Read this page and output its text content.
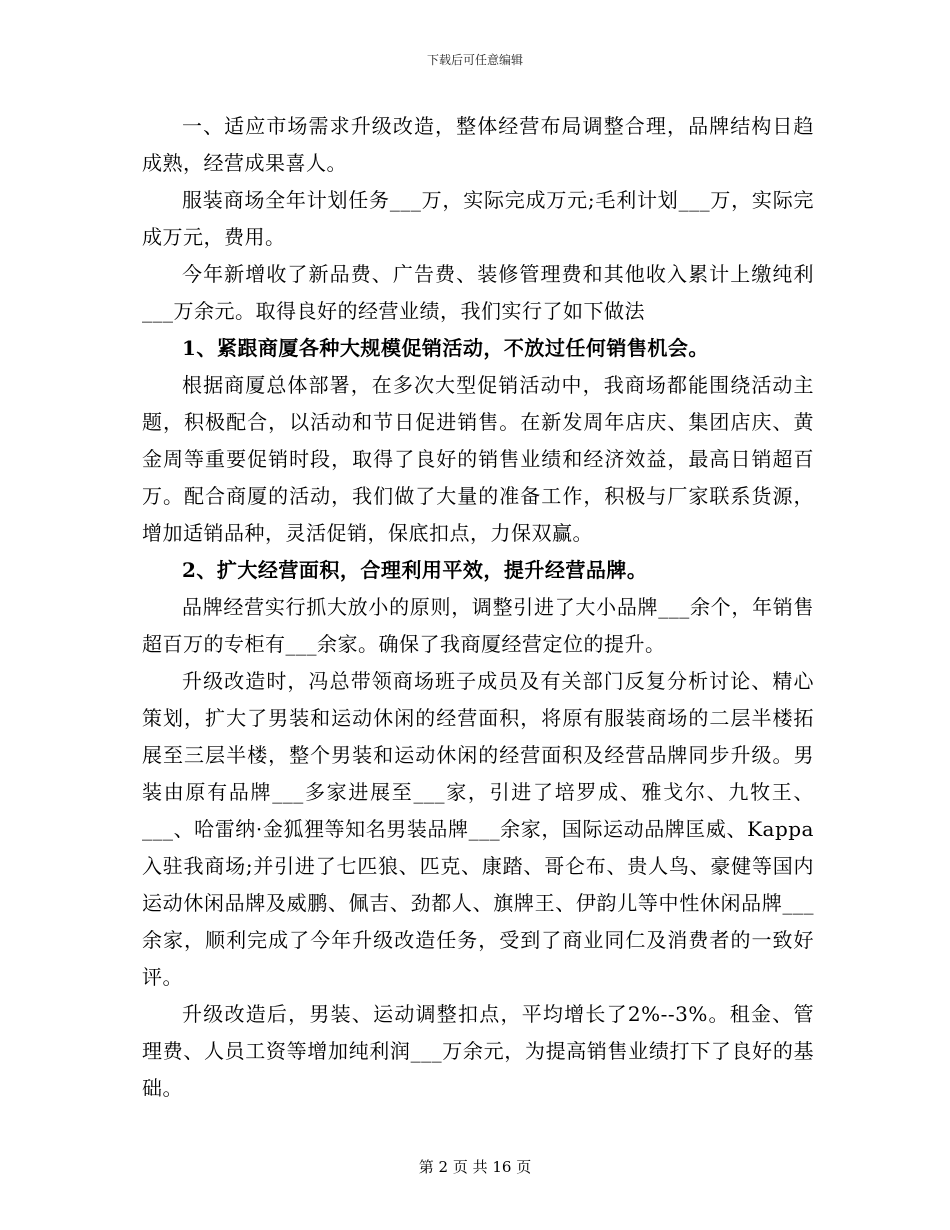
下载后可任意编辑

一、适应市场需求升级改造，整体经营布局调整合理，品牌结构日趋成熟，经营成果喜人。

服装商场全年计划任务___万，实际完成万元;毛利计划___万，实际完成万元，费用。

今年新增收了新品费、广告费、装修管理费和其他收入累计上缴纯利___万余元。取得良好的经营业绩，我们实行了如下做法

1、紧跟商厦各种大规模促销活动，不放过任何销售机会。

根据商厦总体部署，在多次大型促销活动中，我商场都能围绕活动主题，积极配合，以活动和节日促进销售。在新发周年店庆、集团店庆、黄金周等重要促销时段，取得了良好的销售业绩和经济效益，最高日销超百万。配合商厦的活动，我们做了大量的准备工作，积极与厂家联系货源，增加适销品种，灵活促销，保底扣点，力保双赢。

2、扩大经营面积，合理利用平效，提升经营品牌。

品牌经营实行抓大放小的原则，调整引进了大小品牌___余个，年销售超百万的专柜有___余家。确保了我商厦经营定位的提升。

升级改造时，冯总带领商场班子成员及有关部门反复分析讨论、精心策划，扩大了男装和运动休闲的经营面积，将原有服装商场的二层半楼拓展至三层半楼，整个男装和运动休闲的经营面积及经营品牌同步升级。男装由原有品牌___多家进展至___家，引进了培罗成、雅戈尔、九牧王、___、哈雷纳·金狐狸等知名男装品牌___余家，国际运动品牌匡威、Kappa入驻我商场;并引进了七匹狼、匹克、康踏、哥仑布、贵人鸟、豪健等国内运动休闲品牌及威鹏、佩吉、劲都人、旗牌王、伊韵儿等中性休闲品牌___余家，顺利完成了今年升级改造任务，受到了商业同仁及消费者的一致好评。

升级改造后，男装、运动调整扣点，平均增长了2%--3%。租金、管理费、人员工资等增加纯利润___万余元，为提高销售业绩打下了良好的基础。

第 2 页 共 16 页
